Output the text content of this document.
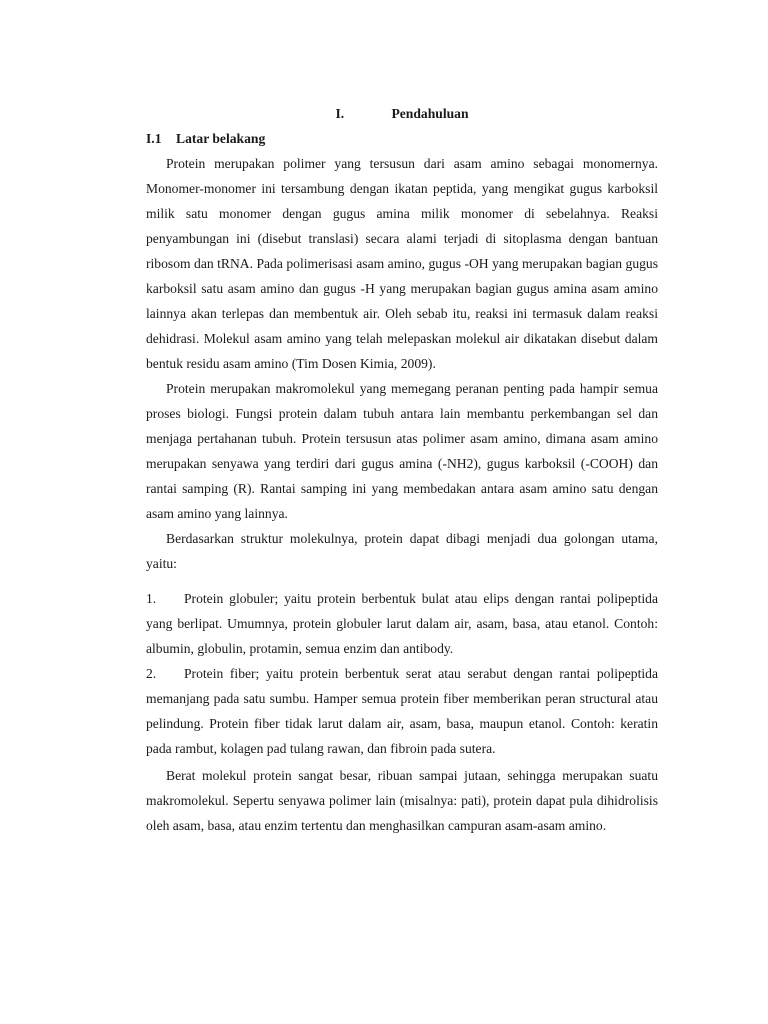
I.	Pendahuluan
I.1 Latar belakang

Protein merupakan polimer yang tersusun dari asam amino sebagai monomernya. Monomer-monomer ini tersambung dengan ikatan peptida, yang mengikat gugus karboksil milik satu monomer dengan gugus amina milik monomer di sebelahnya. Reaksi penyambungan ini (disebut translasi) secara alami terjadi di sitoplasma dengan bantuan ribosom dan tRNA. Pada polimerisasi asam amino, gugus -OH yang merupakan bagian gugus karboksil satu asam amino dan gugus -H yang merupakan bagian gugus amina asam amino lainnya akan terlepas dan membentuk air. Oleh sebab itu, reaksi ini termasuk dalam reaksi dehidrasi. Molekul asam amino yang telah melepaskan molekul air dikatakan disebut dalam bentuk residu asam amino (Tim Dosen Kimia, 2009).

Protein merupakan makromolekul yang memegang peranan penting pada hampir semua proses biologi. Fungsi protein dalam tubuh antara lain membantu perkembangan sel dan menjaga pertahanan tubuh. Protein tersusun atas polimer asam amino, dimana asam amino merupakan senyawa yang terdiri dari gugus amina (-NH2), gugus karboksil (-COOH) dan rantai samping (R). Rantai samping ini yang membedakan antara asam amino satu dengan asam amino yang lainnya.

Berdasarkan struktur molekulnya, protein dapat dibagi menjadi dua golongan utama, yaitu:

1. Protein globuler; yaitu protein berbentuk bulat atau elips dengan rantai polipeptida yang berlipat. Umumnya, protein globuler larut dalam air, asam, basa, atau etanol. Contoh: albumin, globulin, protamin, semua enzim dan antibody.

2. Protein fiber; yaitu protein berbentuk serat atau serabut dengan rantai polipeptida memanjang pada satu sumbu. Hamper semua protein fiber memberikan peran structural atau pelindung. Protein fiber tidak larut dalam air, asam, basa, maupun etanol. Contoh: keratin pada rambut, kolagen pad tulang rawan, dan fibroin pada sutera.

Berat molekul protein sangat besar, ribuan sampai jutaan, sehingga merupakan suatu makromolekul. Sepertu senyawa polimer lain (misalnya: pati), protein dapat pula dihidrolisis oleh asam, basa, atau enzim tertentu dan menghasilkan campuran asam-asam amino.
